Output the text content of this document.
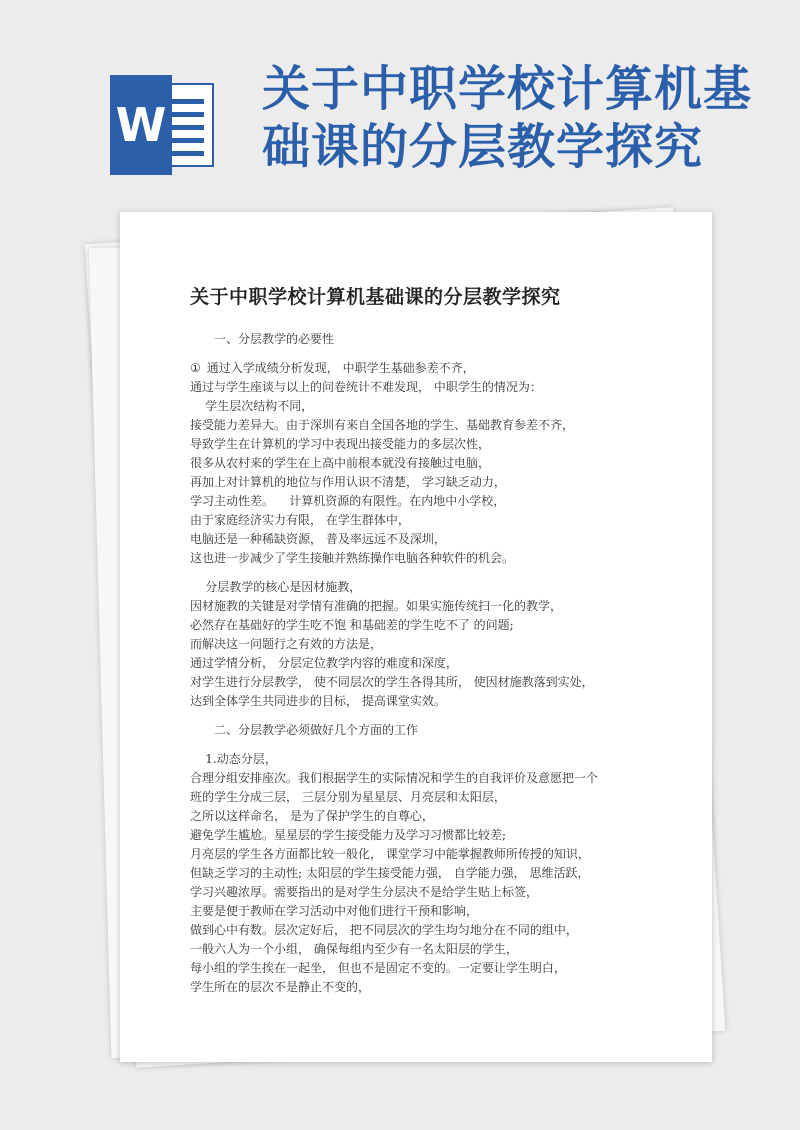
W
关于中职学校计算机基
础课的分层教学探究
关于中职学校计算机基础课的分层教学探究
一、分层教学的必要性
① 通过入学成绩分析发现， 中职学生基础参差不齐，
通过与学生座谈与以上的问卷统计不难发现， 中职学生的情况为：
学生层次结构不同，
接受能力差异大。由于深圳有来自全国各地的学生、基础教育参差不齐，
导致学生在计算机的学习中表现出接受能力的多层次性，
很多从农村来的学生在上高中前根本就没有接触过电脑，
再加上对计算机的地位与作用认识不清楚， 学习缺乏动力，
学习主动性差。    计算机资源的有限性。在内地中小学校，
由于家庭经济实力有限， 在学生群体中，
电脑还是一种稀缺资源， 普及率远远不及深圳，
这也进一步减少了学生接触并熟练操作电脑各种软件的机会。
分层教学的核心是因材施教，
因材施教的关键是对学情有准确的把握。如果实施传统扫一化的教学，
必然存在基础好的学生吃不饱 和基础差的学生吃不了 的问题;
而解决这一问题行之有效的方法是，
通过学情分析， 分层定位教学内容的难度和深度，
对学生进行分层教学， 使不同层次的学生各得其所， 使因材施教落到实处，
达到全体学生共同进步的目标， 提高课堂实效。
二、分层教学必须做好几个方面的工作
1.动态分层，
合理分组安排座次。我们根据学生的实际情况和学生的自我评价及意愿把一个
班的学生分成三层， 三层分别为星星层、月亮层和太阳层，
之所以这样命名， 是为了保护学生的自尊心，
避免学生尴尬。星星层的学生接受能力及学习习惯都比较差;
月亮层的学生各方面都比较一般化， 课堂学习中能掌握教师所传授的知识，
但缺乏学习的主动性; 太阳层的学生接受能力强， 自学能力强， 思维活跃，
学习兴趣浓厚。需要指出的是对学生分层决不是给学生贴上标签，
主要是便于教师在学习活动中对他们进行干预和影响，
做到心中有数。层次定好后， 把不同层次的学生均匀地分在不同的组中，
一般六人为一个小组， 确保每组内至少有一名太阳层的学生，
每小组的学生挨在一起坐， 但也不是固定不变的。一定要让学生明白，
学生所在的层次不是静止不变的，
